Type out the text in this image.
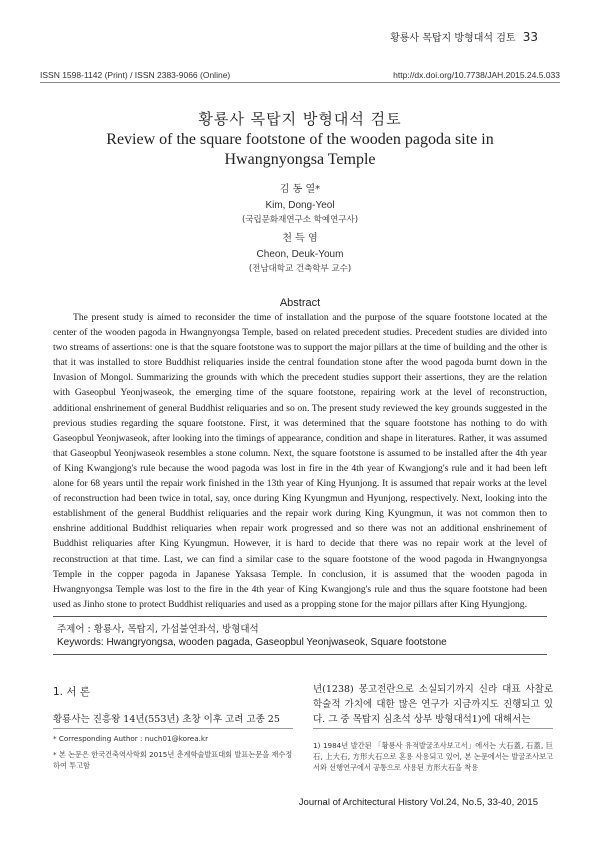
황룡사 목탑지 방형대석 검토 33
ISSN 1598-1142 (Print) / ISSN 2383-9066 (Online)	http://dx.doi.org/10.7738/JAH.2015.24.5.033
황룡사 목탑지 방형대석 검토
Review of the square footstone of the wooden pagoda site in
Hwangnyongsa Temple
김 동 열*
Kim, Dong-Yeol
(국립문화재연구소 학예연구사)
천 득 염
Cheon, Deuk-Youm
(전남대학교 건축학부 교수)
Abstract

The present study is aimed to reconsider the time of installation and the purpose of the square footstone located at the center of the wooden pagoda in Hwangnyongsa Temple, based on related precedent studies. Precedent studies are divided into two streams of assertions: one is that the square footstone was to support the major pillars at the time of building and the other is that it was installed to store Buddhist reliquaries inside the central foundation stone after the wood pagoda burnt down in the Invasion of Mongol. Summarizing the grounds with which the precedent studies support their assertions, they are the relation with Gaseopbul Yeonjwaseok, the emerging time of the square footstone, repairing work at the level of reconstruction, additional enshrinement of general Buddhist reliquaries and so on. The present study reviewed the key grounds suggested in the previous studies regarding the square footstone. First, it was determined that the square footstone has nothing to do with Gaseopbul Yeonjwaseok, after looking into the timings of appearance, condition and shape in literatures. Rather, it was assumed that Gaseopbul Yeonjwaseok resembles a stone column. Next, the square footstone is assumed to be installed after the 4th year of King Kwangjong's rule because the wood pagoda was lost in fire in the 4th year of Kwangjong's rule and it had been left alone for 68 years until the repair work finished in the 13th year of King Hyunjong. It is assumed that repair works at the level of reconstruction had been twice in total, say, once during King Kyungmun and Hyunjong, respectively. Next, looking into the establishment of the general Buddhist reliquaries and the repair work during King Kyungmun, it was not common then to enshrine additional Buddhist reliquaries when repair work progressed and so there was not an additional enshrinement of Buddhist reliquaries after King Kyungmun. However, it is hard to decide that there was no repair work at the level of reconstruction at that time. Last, we can find a similar case to the square footstone of the wood pagoda in Hwangnyongsa Temple in the copper pagoda in Japanese Yaksasa Temple. In conclusion, it is assumed that the wooden pagoda in Hwangnyongsa Temple was lost to the fire in the 4th year of King Kwangjong's rule and thus the square footstone had been used as Jinho stone to protect Buddhist reliquaries and used as a propping stone for the major pillars after King Hyungjong.

주제어 : 황룡사, 목탑지, 가섭불연좌석, 방형대석
Keywords: Hwangryongsa, wooden pagada, Gaseopbul Yeonjwaseok, Square footstone
1. 서 론
황룡사는 진흥왕 14년(553년) 초창 이후 고려 고종 25
* Corresponding Author : nuch01@korea.kr
* 본 논문은 한국건축역사학회 2015년 춘계학술발표대회 발표논문을 재수정하여 투고함
년(1238) 몽고전란으로 소실되기까지 신라 대표 사찰로 학술적 가치에 대한 많은 연구가 지금까지도 진행되고 있다. 그 중 목탑지 심초석 상부 방형대석1)에 대해서는
1) 1984년 발간된 「황룡사 유적발굴조사보고서」에서는 大石蓋, 石蓋, 巨石, 上大石, 方形大石으로 혼용 사용되고 있어, 본 논문에서는 발굴조사보고서와 선행연구에서 공통으로 사용된 方形大石을 착용
Journal of Architectural History Vol.24, No.5, 33-40, 2015
